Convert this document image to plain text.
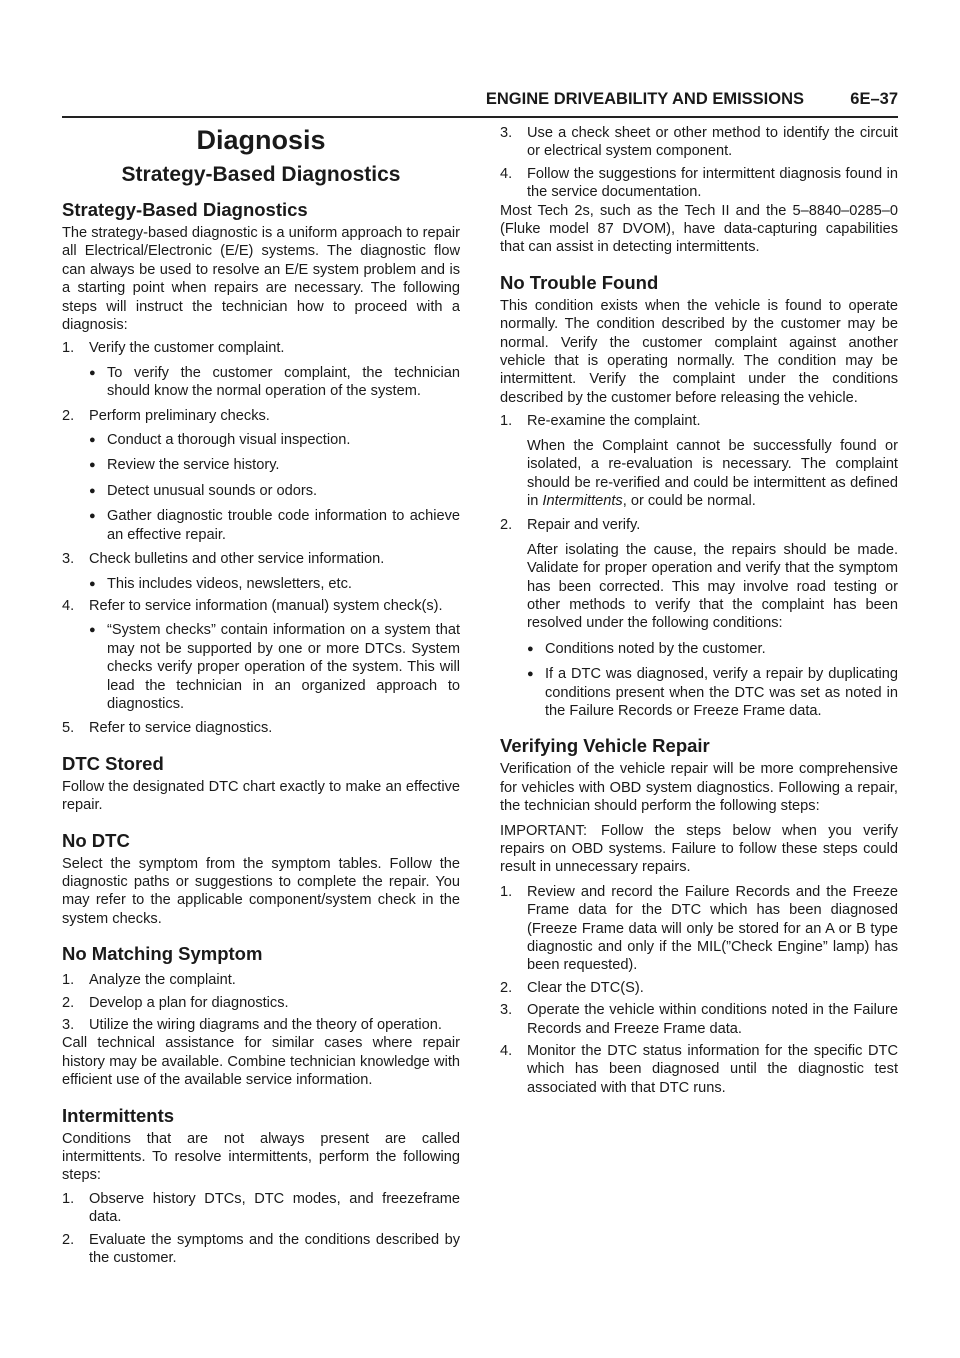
ENGINE DRIVEABILITY AND EMISSIONS	6E–37
Diagnosis
Strategy-Based Diagnostics
Strategy-Based Diagnostics

The strategy-based diagnostic is a uniform approach to repair all Electrical/Electronic (E/E) systems. The diagnostic flow can always be used to resolve an E/E system problem and is a starting point when repairs are necessary. The following steps will instruct the technician how to proceed with a diagnosis:

1.	Verify the customer complaint.
● To verify the customer complaint, the technician should know the normal operation of the system.
2.	Perform preliminary checks.
● Conduct a thorough visual inspection.
● Review the service history.
● Detect unusual sounds or odors.
● Gather diagnostic trouble code information to achieve an effective repair.
3.	Check bulletins and other service information.
● This includes videos, newsletters, etc.
4.	Refer to service information (manual) system check(s).
● “System checks” contain information on a system that may not be supported by one or more DTCs. System checks verify proper operation of the system. This will lead the technician in an organized approach to diagnostics.
5.	Refer to service diagnostics.
DTC Stored

Follow the designated DTC chart exactly to make an effective repair.

No DTC

Select the symptom from the symptom tables. Follow the diagnostic paths or suggestions to complete the repair. You may refer to the applicable component/system check in the system checks.

No Matching Symptom
1.	Analyze the complaint.
2.	Develop a plan for diagnostics.
3.	Utilize the wiring diagrams and the theory of operation.

Call technical assistance for similar cases where repair history may be available. Combine technician knowledge with efficient use of the available service information.

Intermittents

Conditions that are not always present are called intermittents. To resolve intermittents, perform the following steps:

1.	Observe history DTCs, DTC modes, and freezeframe data.
2.	Evaluate the symptoms and the conditions described by the customer.
3.	Use a check sheet or other method to identify the circuit or electrical system component.
4.	Follow the suggestions for intermittent diagnosis found in the service documentation.

Most Tech 2s, such as the Tech II and the 5–8840–0285–0 (Fluke model 87 DVOM), have data-capturing capabilities that can assist in detecting intermittents.

No Trouble Found

This condition exists when the vehicle is found to operate normally. The condition described by the customer may be normal. Verify the customer complaint against another vehicle that is operating normally. The condition may be intermittent. Verify the complaint under the conditions described by the customer before releasing the vehicle.

1.	Re-examine the complaint.

When the Complaint cannot be successfully found or isolated, a re-evaluation is necessary. The complaint should be re-verified and could be intermittent as defined in Intermittents, or could be normal.

2.	Repair and verify.

After isolating the cause, the repairs should be made. Validate for proper operation and verify that the symptom has been corrected. This may involve road testing or other methods to verify that the complaint has been resolved under the following conditions:

● Conditions noted by the customer.
● If a DTC was diagnosed, verify a repair by duplicating conditions present when the DTC was set as noted in the Failure Records or Freeze Frame data.
Verifying Vehicle Repair

Verification of the vehicle repair will be more comprehensive for vehicles with OBD system diagnostics. Following a repair, the technician should perform the following steps:

IMPORTANT: Follow the steps below when you verify repairs on OBD systems. Failure to follow these steps could result in unnecessary repairs.

1.	Review and record the Failure Records and the Freeze Frame data for the DTC which has been diagnosed (Freeze Frame data will only be stored for an A or B type diagnostic and only if the MIL(”Check Engine” lamp) has been requested).
2.	Clear the DTC(S).
3.	Operate the vehicle within conditions noted in the Failure Records and Freeze Frame data.
4.	Monitor the DTC status information for the specific DTC which has been diagnosed until the diagnostic test associated with that DTC runs.
